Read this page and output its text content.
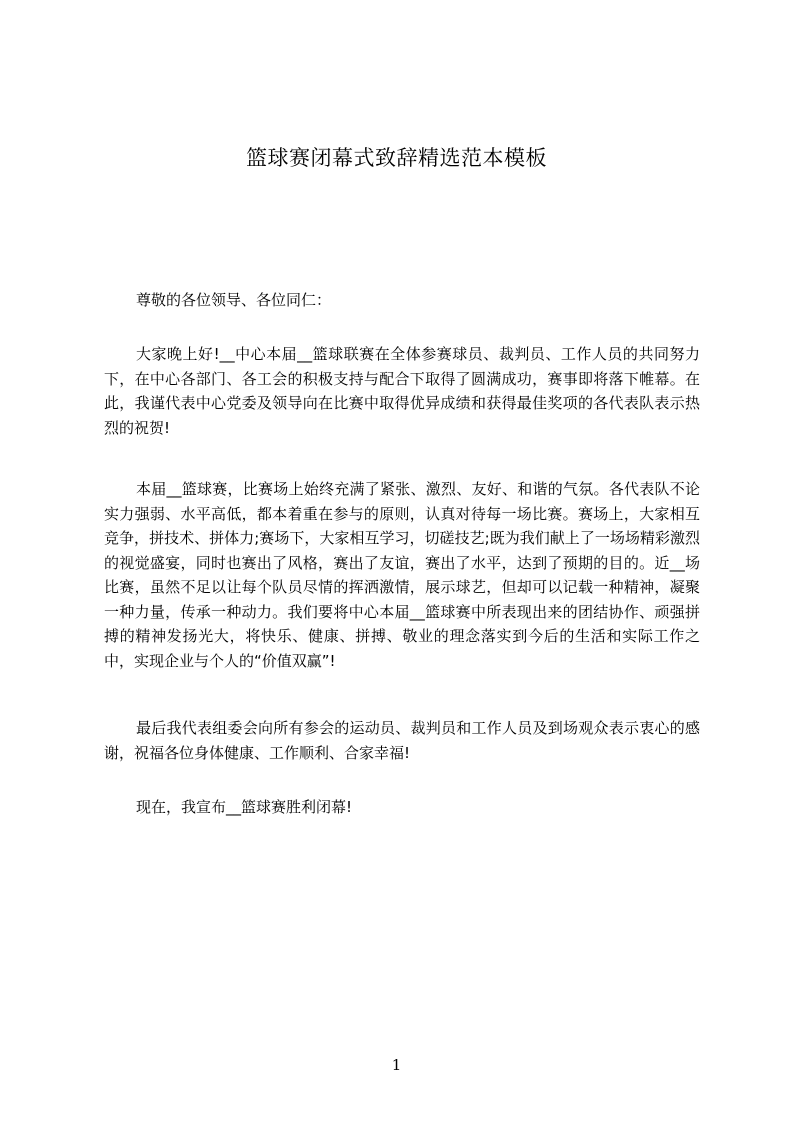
篮球赛闭幕式致辞精选范本模板

尊敬的各位领导、各位同仁：

大家晚上好!__中心本届__篮球联赛在全体参赛球员、裁判员、工作人员的共同努力下，在中心各部门、各工会的积极支持与配合下取得了圆满成功，赛事即将落下帷幕。在此，我谨代表中心党委及领导向在比赛中取得优异成绩和获得最佳奖项的各代表队表示热烈的祝贺!

本届__篮球赛，比赛场上始终充满了紧张、激烈、友好、和谐的气氛。各代表队不论实力强弱、水平高低，都本着重在参与的原则，认真对待每一场比赛。赛场上，大家相互竞争，拼技术、拼体力;赛场下，大家相互学习，切磋技艺;既为我们献上了一场场精彩激烈的视觉盛宴，同时也赛出了风格，赛出了友谊，赛出了水平，达到了预期的目的。近__场比赛，虽然不足以让每个队员尽情的挥洒激情，展示球艺，但却可以记载一种精神，凝聚一种力量，传承一种动力。我们要将中心本届__篮球赛中所表现出来的团结协作、顽强拼搏的精神发扬光大，将快乐、健康、拼搏、敬业的理念落实到今后的生活和实际工作之中，实现企业与个人的“价值双赢”!

最后我代表组委会向所有参会的运动员、裁判员和工作人员及到场观众表示衷心的感谢，祝福各位身体健康、工作顺利、合家幸福!

现在，我宣布__篮球赛胜利闭幕!

1
